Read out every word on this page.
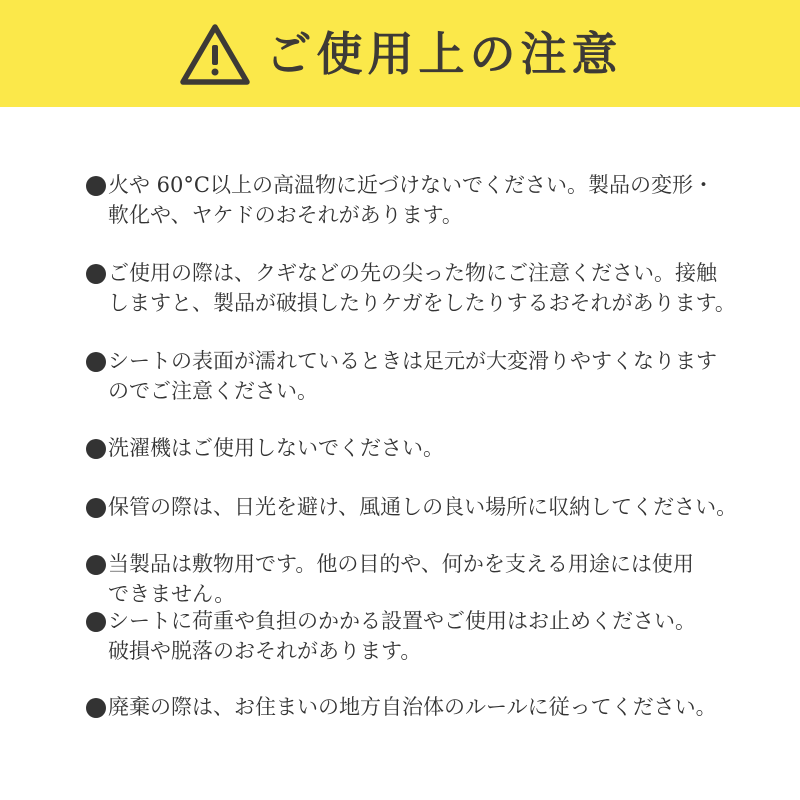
ご使用上の注意
火や 60°C以上の高温物に近づけないでください。製品の変形・
軟化や、ヤケドのおそれがあります。
ご使用の際は、クギなどの先の尖った物にご注意ください。接触
しますと、製品が破損したりケガをしたりするおそれがあります。
シートの表面が濡れているときは足元が大変滑りやすくなります
のでご注意ください。
洗濯機はご使用しないでください。
保管の際は、日光を避け、風通しの良い場所に収納してください。
当製品は敷物用です。他の目的や、何かを支える用途には使用
できません。
シートに荷重や負担のかかる設置やご使用はお止めください。
破損や脱落のおそれがあります。
廃棄の際は、お住まいの地方自治体のルールに従ってください。
